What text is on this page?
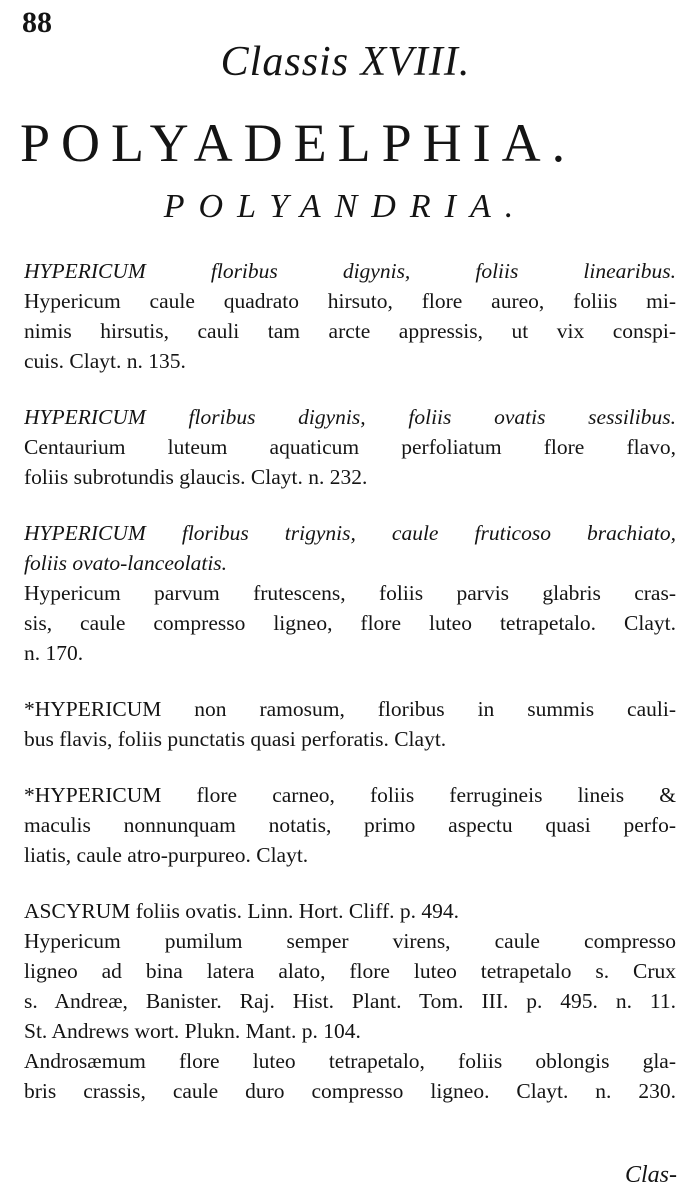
88
Classis XVIII.
POLYADELPHIA.
POLYANDRIA.
HYPERICUM floribus digynis, foliis linearibus.
Hypericum caule quadrato hirsuto, flore aureo, foliis mi-
nimis hirsutis, cauli tam arcte appressis, ut vix conspi-
cuis. Clayt. n. 135.
HYPERICUM floribus digynis, foliis ovatis sessilibus.
Centaurium luteum aquaticum perfoliatum flore flavo,
foliis subrotundis glaucis. Clayt. n. 232.
HYPERICUM floribus trigynis, caule fruticoso brachiato,
foliis ovato-lanceolatis.
Hypericum parvum frutescens, foliis parvis glabris cras-
sis, caule compresso ligneo, flore luteo tetrapetalo. Clayt.
n. 170.
*HYPERICUM non ramosum, floribus in summis cauli-
bus flavis, foliis punctatis quasi perforatis. Clayt.
*HYPERICUM flore carneo, foliis ferrugineis lineis &
maculis nonnunquam notatis, primo aspectu quasi perfo-
liatis, caule atro-purpureo. Clayt.
ASCYRUM foliis ovatis. Linn. Hort. Cliff. p. 494.
Hypericum pumilum semper virens, caule compresso
ligneo ad bina latera alato, flore luteo tetrapetalo s. Crux
s. Andreæ, Banister. Raj. Hist. Plant. Tom. III. p. 495. n. 11.
St. Andrews wort. Plukn. Mant. p. 104.
Androsæmum flore luteo tetrapetalo, foliis oblongis gla-
bris crassis, caule duro compresso ligneo. Clayt. n. 230.
Clas-
